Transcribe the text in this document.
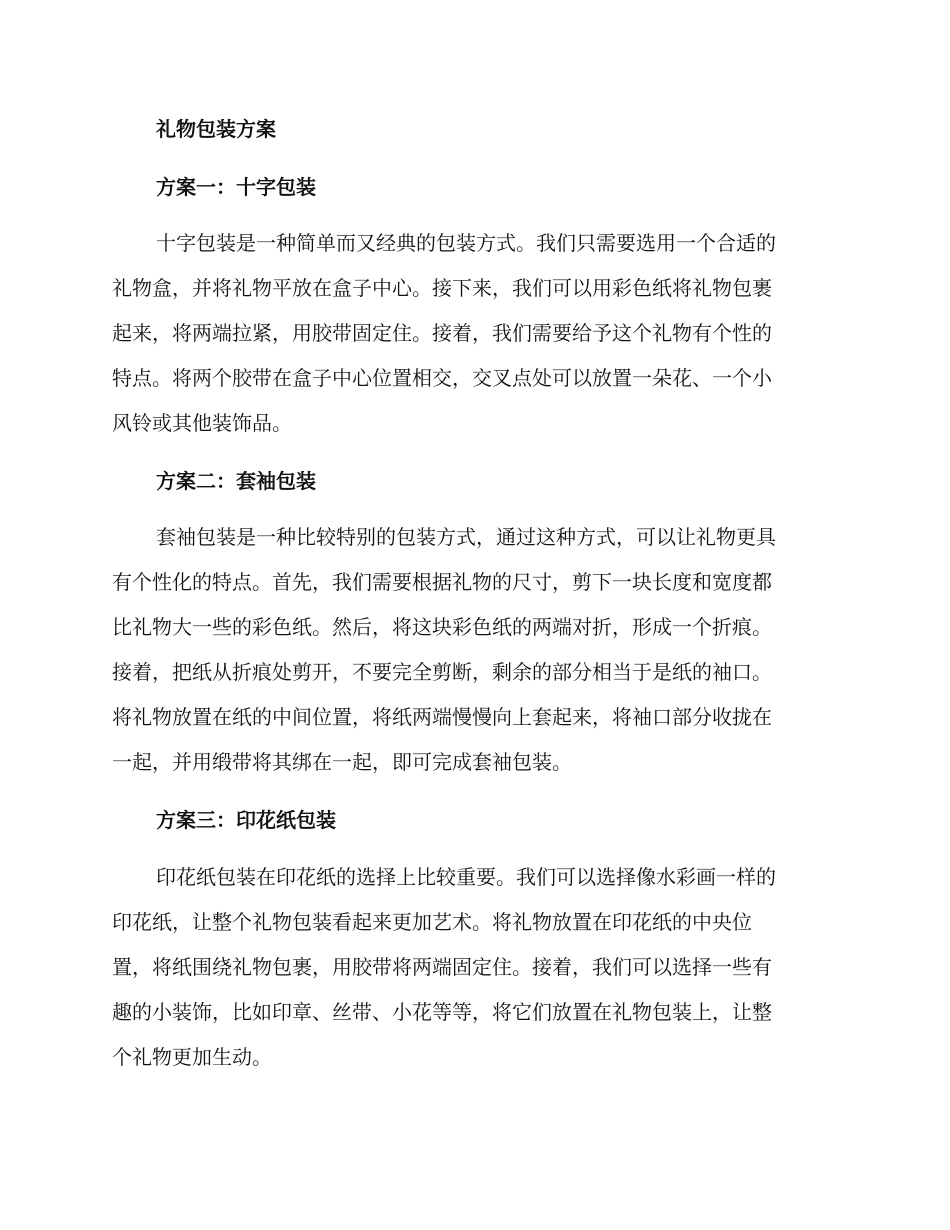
礼物包装方案
方案一：十字包装
十字包装是一种简单而又经典的包装方式。我们只需要选用一个合适的
礼物盒，并将礼物平放在盒子中心。接下来，我们可以用彩色纸将礼物包裹
起来，将两端拉紧，用胶带固定住。接着，我们需要给予这个礼物有个性的
特点。将两个胶带在盒子中心位置相交，交叉点处可以放置一朵花、一个小
风铃或其他装饰品。
方案二：套袖包装
套袖包装是一种比较特别的包装方式，通过这种方式，可以让礼物更具
有个性化的特点。首先，我们需要根据礼物的尺寸，剪下一块长度和宽度都
比礼物大一些的彩色纸。然后，将这块彩色纸的两端对折，形成一个折痕。
接着，把纸从折痕处剪开，不要完全剪断，剩余的部分相当于是纸的袖口。
将礼物放置在纸的中间位置，将纸两端慢慢向上套起来，将袖口部分收拢在
一起，并用缎带将其绑在一起，即可完成套袖包装。
方案三：印花纸包装
印花纸包装在印花纸的选择上比较重要。我们可以选择像水彩画一样的
印花纸，让整个礼物包装看起来更加艺术。将礼物放置在印花纸的中央位
置，将纸围绕礼物包裹，用胶带将两端固定住。接着，我们可以选择一些有
趣的小装饰，比如印章、丝带、小花等等，将它们放置在礼物包装上，让整
个礼物更加生动。
